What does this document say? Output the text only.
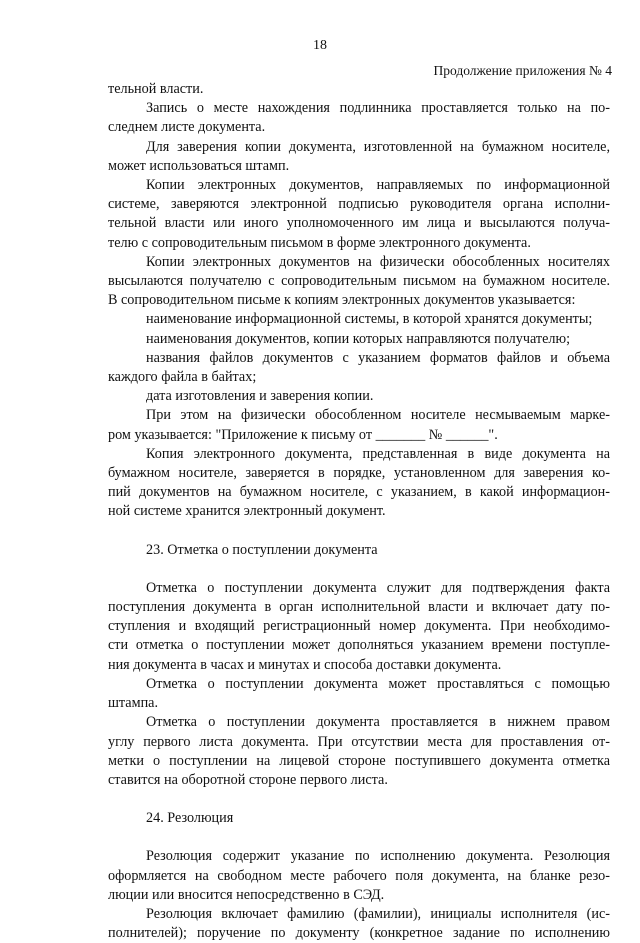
18
Продолжение приложения № 4
тельной власти.
Запись о месте нахождения подлинника проставляется только на по-
следнем листе документа.
Для заверения копии документа, изготовленной на бумажном носителе,
может использоваться штамп.
Копии электронных документов, направляемых по информационной
системе, заверяются электронной подписью руководителя органа исполни-
тельной власти или иного уполномоченного им лица и высылаются получа-
телю с сопроводительным письмом в форме электронного документа.
Копии электронных документов на физически обособленных носителях
высылаются получателю с сопроводительным письмом на бумажном носителе.
В сопроводительном письме к копиям электронных документов указывается:
наименование информационной системы, в которой хранятся документы;
наименования документов, копии которых направляются получателю;
названия файлов документов с указанием форматов файлов и объема
каждого файла в байтах;
дата изготовления и заверения копии.
При этом на физически обособленном носителе несмываемым марке-
ром указывается: "Приложение к письму от _______ № ______".
Копия электронного документа, представленная в виде документа на
бумажном носителе, заверяется в порядке, установленном для заверения ко-
пий документов на бумажном носителе, с указанием, в какой информацион-
ной системе хранится электронный документ.
23. Отметка о поступлении документа
Отметка о поступлении документа служит для подтверждения факта
поступления документа в орган исполнительной власти и включает дату по-
ступления и входящий регистрационный номер документа. При необходимо-
сти отметка о поступлении может дополняться указанием времени поступле-
ния документа в часах и минутах и способа доставки документа.
Отметка о поступлении документа может проставляться с помощью
штампа.
Отметка о поступлении документа проставляется в нижнем правом
углу первого листа документа. При отсутствии места для проставления от-
метки о поступлении на лицевой стороне поступившего документа отметка
ставится на оборотной стороне первого листа.
24. Резолюция
Резолюция содержит указание по исполнению документа. Резолюция
оформляется на свободном месте рабочего поля документа, на бланке резо-
люции или вносится непосредственно в СЭД.
Резолюция включает фамилию (фамилии), инициалы исполнителя (ис-
полнителей); поручение по документу (конкретное задание по исполнению
